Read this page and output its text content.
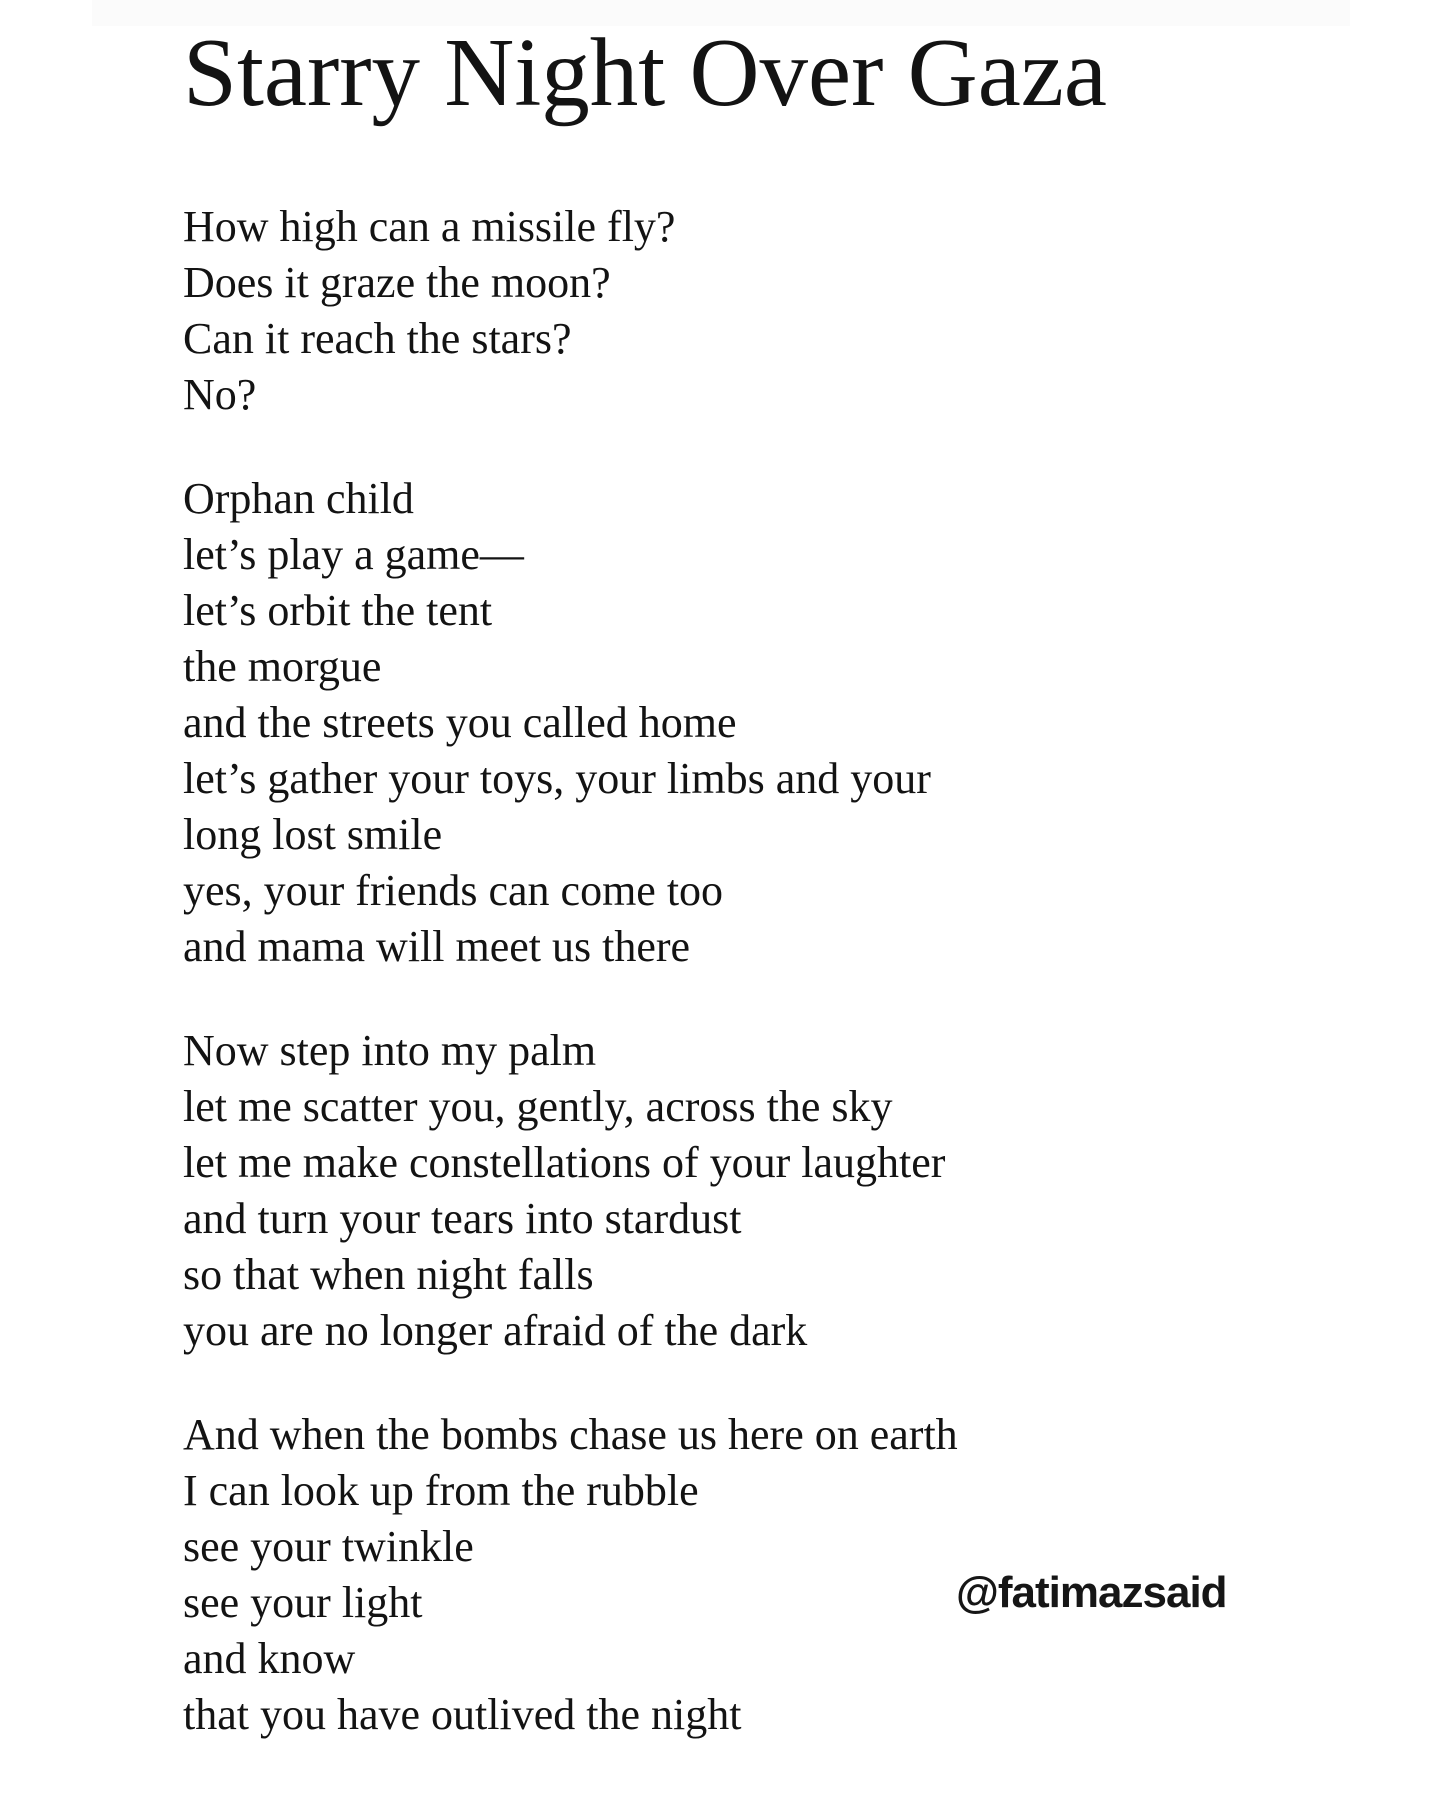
Starry Night Over Gaza
How high can a missile fly?
Does it graze the moon?
Can it reach the stars?
No?
Orphan child
let’s play a game—
let’s orbit the tent
the morgue
and the streets you called home
let’s gather your toys, your limbs and your
long lost smile
yes, your friends can come too
and mama will meet us there
Now step into my palm
let me scatter you, gently, across the sky
let me make constellations of your laughter
and turn your tears into stardust
so that when night falls
you are no longer afraid of the dark
And when the bombs chase us here on earth
I can look up from the rubble
see your twinkle
see your light
and know
that you have outlived the night
@fatimazsaid
